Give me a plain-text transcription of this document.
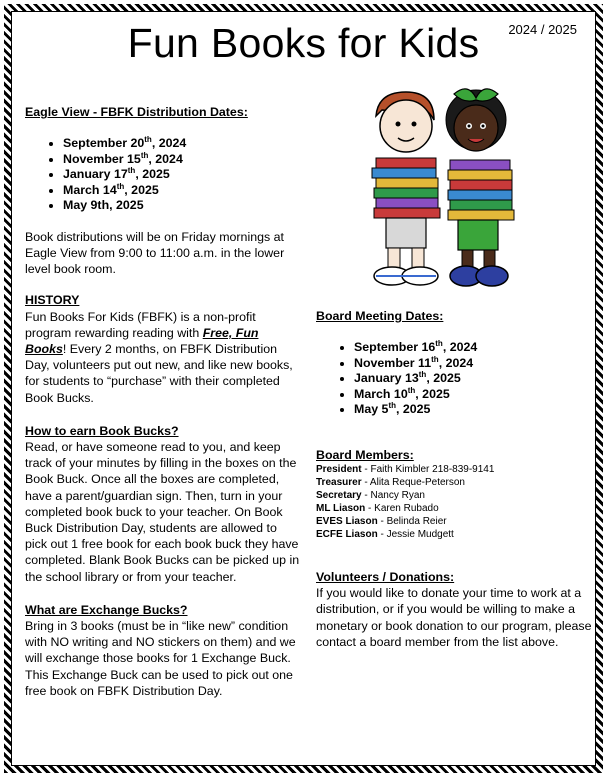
2024 / 2025
Fun Books for Kids

Eagle View - FBFK Distribution Dates:

• September 20th, 2024
• November 15th, 2024
• January 17th, 2025
• March 14th, 2025
• May 9th, 2025

Book distributions will be on Friday mornings at Eagle View from 9:00 to 11:00 a.m. in the lower level book room.

HISTORY

Fun Books For Kids (FBFK) is a non-profit program rewarding reading with Free, Fun Books! Every 2 months, on FBFK Distribution Day, volunteers put out new, and like new books, for students to “purchase” with their completed Book Bucks.

How to earn Book Bucks?

Read, or have someone read to you, and keep track of your minutes by filling in the boxes on the Book Buck. Once all the boxes are completed, have a parent/guardian sign. Then, turn in your completed book buck to your teacher. On Book Buck Distribution Day, students are allowed to pick out 1 free book for each book buck they have completed. Blank Book Bucks can be picked up in the school library or from your teacher.

What are Exchange Bucks?

Bring in 3 books (must be in “like new” condition with NO writing and NO stickers on them) and we will exchange those books for 1 Exchange Buck. This Exchange Buck can be used to pick out one free book on FBFK Distribution Day.

Board Meeting Dates:

• September 16th, 2024
• November 11th, 2024
• January 13th, 2025
• March 10th, 2025
• May 5th, 2025

Board Members:

President - Faith Kimbler 218-839-9141
Treasurer - Alita Reque-Peterson
Secretary - Nancy Ryan
ML Liason - Karen Rubado
EVES Liason - Belinda Reier
ECFE Liason - Jessie Mudgett

Volunteers / Donations:

If you would like to donate your time to work at a distribution, or if you would be willing to make a monetary or book donation to our program, please contact a board member from the list above.
